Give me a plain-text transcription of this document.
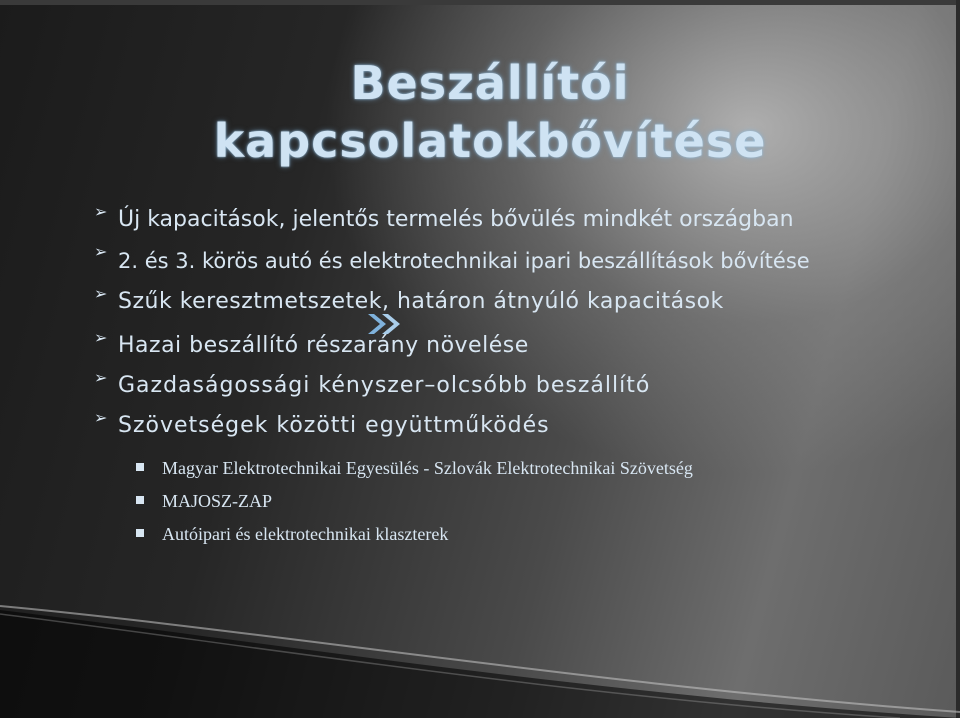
Beszállítói
kapcsolatokbővítése

➢ Új kapacitások, jelentős termelés bővülés mindkét országban

➢ 2. és 3. körös autó és elektrotechnikai ipari beszállítások bővítése

➢ Szűk keresztmetszetek, határon átnyúló kapacitások

➢ Hazai beszállító részarány növelése

➢ Gazdaságossági kényszer–olcsóbb beszállító

➢ Szövetségek közötti együttműködés

Magyar Elektrotechnikai Egyesülés - Szlovák Elektrotechnikai Szövetség
MAJOSZ-ZAP
Autóipari és elektrotechnikai klaszterek
